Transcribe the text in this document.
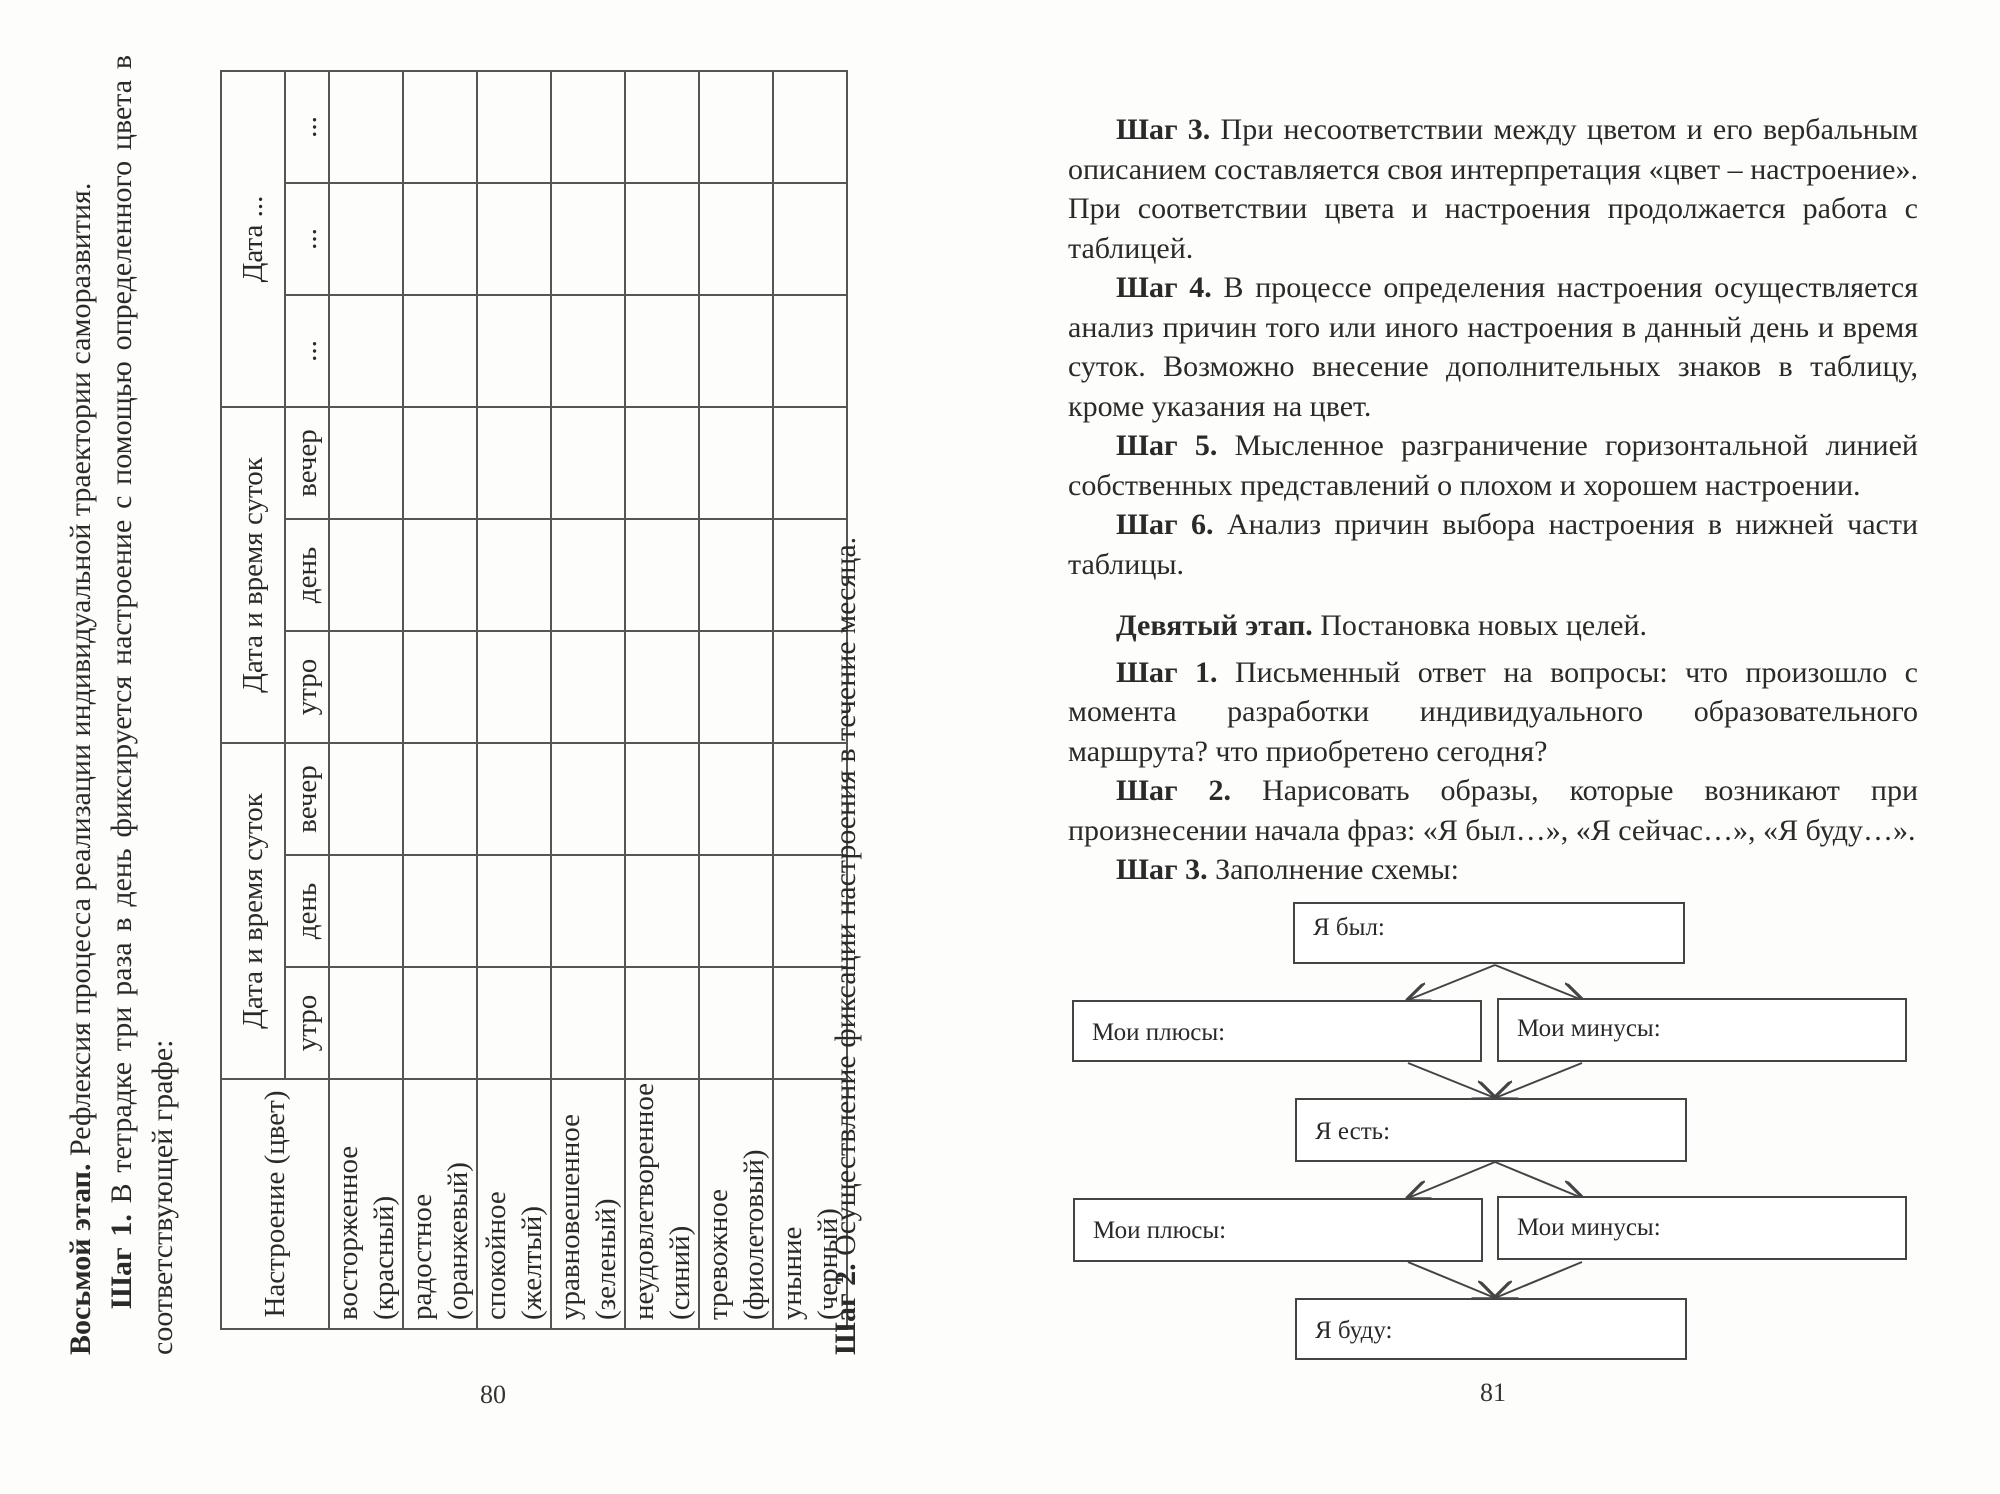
Восьмой этап. Рефлексия процесса реализации индивидуальной траектории саморазвития.

Шаг 1. В тетрадке три раза в день фиксируется настроение с помощью определенного цвета в соответствующей графе:	Настроение (цвет)	Дата и время суток			Дата и время суток			Дата ...		
	утро	день	вечер	утро	день	вечер	...	...	...
восторженное (красный)									
радостное (оранжевый)									
спокойное (желтый)									
уравновешенное (зеленый)									
неудовлетворенное (синий)									
тревожное (фиолетовый)									
уныние (черный)									

Шаг 2. Осуществление фиксации настроения в течение месяца.

80

Шаг 3. При несоответствии между цветом и его вербальным описанием составляется своя интерпретация «цвет – настроение». При соответствии цвета и настроения продолжается работа с таблицей.

Шаг 4. В процессе определения настроения осуществляется анализ причин того или иного настроения в данный день и время суток. Возможно внесение дополнительных знаков в таблицу, кроме указания на цвет.

Шаг 5. Мысленное разграничение горизонтальной линией собственных представлений о плохом и хорошем настроении.

Шаг 6. Анализ причин выбора настроения в нижней части таблицы.

Девятый этап. Постановка новых целей.

Шаг 1. Письменный ответ на вопросы: что произошло с момента разработки индивидуального образовательного маршрута? что приобретено сегодня?

Шаг 2. Нарисовать образы, которые возникают при произнесении начала фраз: «Я был…», «Я сейчас…», «Я буду…».

Шаг 3. Заполнение схемы:

Я был:
Мои плюсы:	Мои минусы:
Я есть:
Мои плюсы:	Мои минусы:
Я буду:
81
